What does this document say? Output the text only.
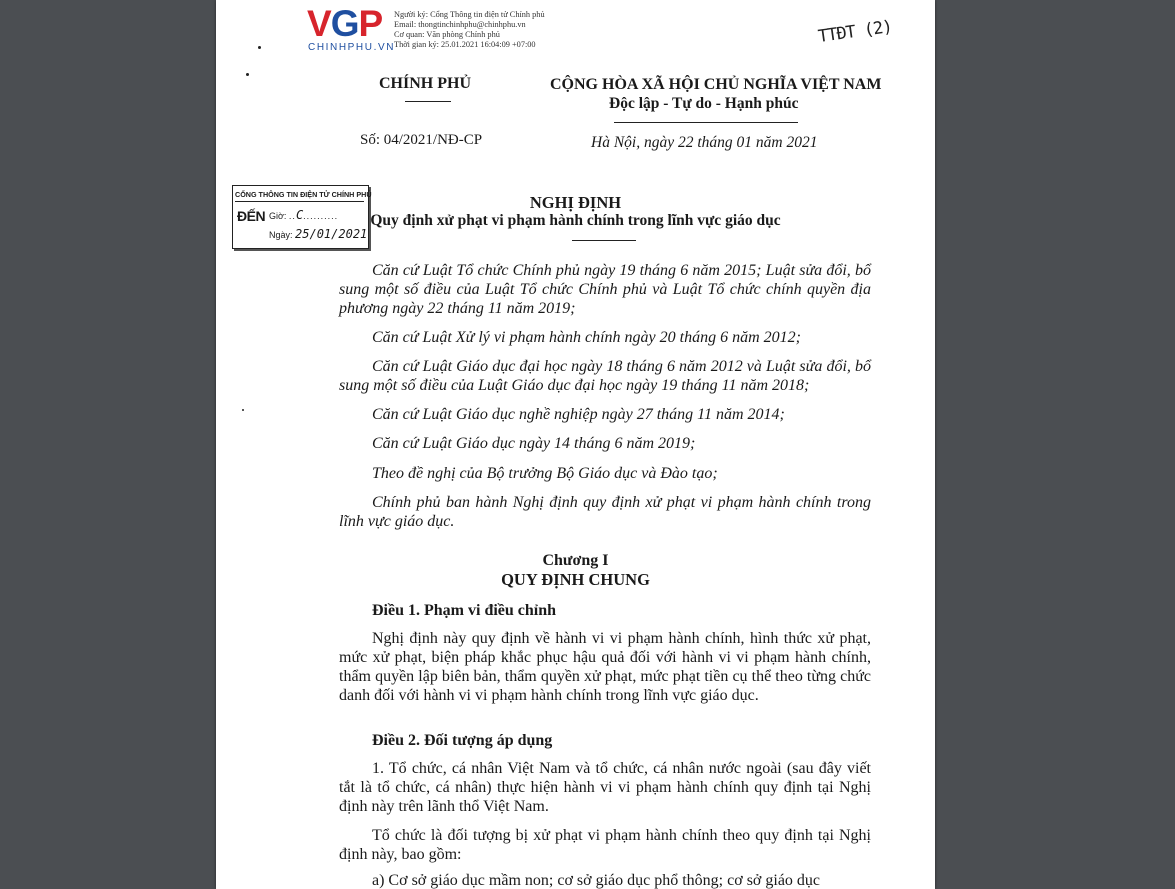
VGP
CHINHPHU.VN
Người ký: Cổng Thông tin điện tử Chính phủ
Email: thongtinchinhphu@chinhphu.vn
Cơ quan: Văn phòng Chính phủ
Thời gian ký: 25.01.2021 16:04:09 +07:00	TTĐT (2)
CHÍNH PHỦ	CỘNG HÒA XÃ HỘI CHỦ NGHĨA VIỆT NAM
Độc lập - Tự do - Hạnh phúc
Số: 04/2021/NĐ-CP	Hà Nội, ngày 22 tháng 01 năm 2021
CỔNG THÔNG TIN ĐIỆN TỬ CHÍNH PHỦ
ĐẾN Giờ: ..C..........
Ngày: 25/01/2021
NGHỊ ĐỊNH
Quy định xử phạt vi phạm hành chính trong lĩnh vực giáo dục
Căn cứ Luật Tổ chức Chính phủ ngày 19 tháng 6 năm 2015; Luật sửa đổi, bổ sung một số điều của Luật Tổ chức Chính phủ và Luật Tổ chức chính quyền địa phương ngày 22 tháng 11 năm 2019;
Căn cứ Luật Xử lý vi phạm hành chính ngày 20 tháng 6 năm 2012;
Căn cứ Luật Giáo dục đại học ngày 18 tháng 6 năm 2012 và Luật sửa đổi, bổ sung một số điều của Luật Giáo dục đại học ngày 19 tháng 11 năm 2018;
Căn cứ Luật Giáo dục nghề nghiệp ngày 27 tháng 11 năm 2014;
Căn cứ Luật Giáo dục ngày 14 tháng 6 năm 2019;
Theo đề nghị của Bộ trưởng Bộ Giáo dục và Đào tạo;
Chính phủ ban hành Nghị định quy định xử phạt vi phạm hành chính trong lĩnh vực giáo dục.
Chương I
QUY ĐỊNH CHUNG
Điều 1. Phạm vi điều chỉnh
Nghị định này quy định về hành vi vi phạm hành chính, hình thức xử phạt, mức xử phạt, biện pháp khắc phục hậu quả đối với hành vi vi phạm hành chính, thẩm quyền lập biên bản, thẩm quyền xử phạt, mức phạt tiền cụ thể theo từng chức danh đối với hành vi vi phạm hành chính trong lĩnh vực giáo dục.
Điều 2. Đối tượng áp dụng
1. Tổ chức, cá nhân Việt Nam và tổ chức, cá nhân nước ngoài (sau đây viết tắt là tổ chức, cá nhân) thực hiện hành vi vi phạm hành chính quy định tại Nghị định này trên lãnh thổ Việt Nam.
Tổ chức là đối tượng bị xử phạt vi phạm hành chính theo quy định tại Nghị định này, bao gồm:
a) Cơ sở giáo dục mầm non; cơ sở giáo dục phổ thông; cơ sở giáo dục
